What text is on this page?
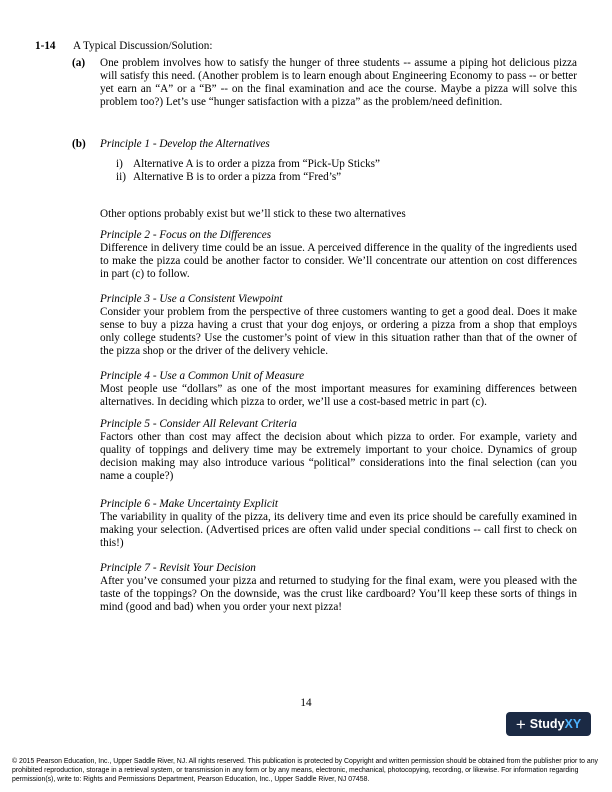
1-14 A Typical Discussion/Solution:
(a) One problem involves how to satisfy the hunger of three students -- assume a piping hot delicious pizza will satisfy this need. (Another problem is to learn enough about Engineering Economy to pass -- or better yet earn an “A” or a “B” -- on the final examination and ace the course. Maybe a pizza will solve this problem too?) Let’s use “hunger satisfaction with a pizza” as the problem/need definition.

(b) Principle 1 - Develop the Alternatives

i) Alternative A is to order a pizza from “Pick-Up Sticks”
ii) Alternative B is to order a pizza from “Fred’s”

Other options probably exist but we’ll stick to these two alternatives

Principle 2 - Focus on the Differences

Difference in delivery time could be an issue. A perceived difference in the quality of the ingredients used to make the pizza could be another factor to consider. We’ll concentrate our attention on cost differences in part (c) to follow.

Principle 3 - Use a Consistent Viewpoint

Consider your problem from the perspective of three customers wanting to get a good deal. Does it make sense to buy a pizza having a crust that your dog enjoys, or ordering a pizza from a shop that employs only college students? Use the customer’s point of view in this situation rather than that of the owner of the pizza shop or the driver of the delivery vehicle.

Principle 4 - Use a Common Unit of Measure

Most people use “dollars” as one of the most important measures for examining differences between alternatives. In deciding which pizza to order, we’ll use a cost-based metric in part (c).

Principle 5 - Consider All Relevant Criteria

Factors other than cost may affect the decision about which pizza to order. For example, variety and quality of toppings and delivery time may be extremely important to your choice. Dynamics of group decision making may also introduce various “political” considerations into the final selection (can you name a couple?)

Principle 6 - Make Uncertainty Explicit

The variability in quality of the pizza, its delivery time and even its price should be carefully examined in making your selection. (Advertised prices are often valid under special conditions -- call first to check on this!)

Principle 7 - Revisit Your Decision

After you’ve consumed your pizza and returned to studying for the final exam, were you pleased with the taste of the toppings? On the downside, was the crust like cardboard? You’ll keep these sorts of things in mind (good and bad) when you order your next pizza!

14
+ StudyXY
© 2015 Pearson Education, Inc., Upper Saddle River, NJ. All rights reserved. This publication is protected by Copyright and written permission should be obtained from the publisher prior to any prohibited reproduction, storage in a retrieval system, or transmission in any form or by any means, electronic, mechanical, photocopying, recording, or likewise. For information regarding permission(s), write to: Rights and Permissions Department, Pearson Education, Inc., Upper Saddle River, NJ 07458.
